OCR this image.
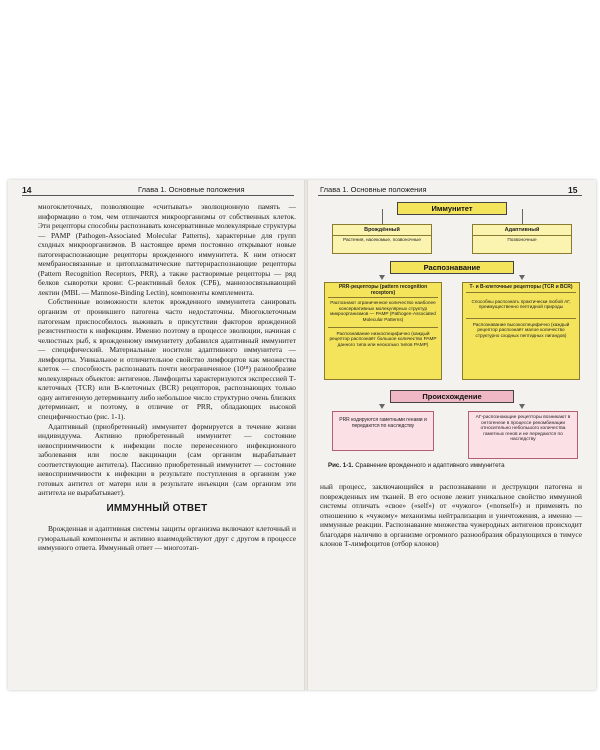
14	Глава 1. Основные положения

многоклеточных, позволяющие «считывать» эволюционную память — информацию о том, чем отличаются микроорганизмы от собственных клеток. Эти рецепторы способны распознавать консервативные молекулярные структуры — PAMP (Pathogen-Associated Molecular Patterns), характерные для групп сходных микроорганизмов. В настоящее время постоянно открывают новые патогенраспознающие рецепторы врожденного иммунитета. К ним относят мембраносвязанные и цитоплазматические паттернраспознающие рецепторы (Pattern Recognition Receptors, PRR), а также растворимые рецепторы — ряд белков сыворотки крови: С-реактивный белок (СРБ), маннозосвязывающий лектин (MBL — Mannose-Binding Lectin), компоненты комплемента.

Собственные возможности клеток врожденного иммунитета санировать организм от проникшего патогена часто недостаточны. Многоклеточным патогенам приспособилось выживать в присутствии факторов врожденной резистентности к инфекциям. Именно поэтому в процессе эволюции, начиная с челюстных рыб, к врожденному иммунитету добавился адаптивный иммунитет — специфический. Материальные носители адаптивного иммунитета — лимфоциты. Уникальное и отличительное свойство лимфоцитов как множества клеток — способность распознавать почти неограниченное (10¹⁸) разнообразие молекулярных объектов: антигенов. Лимфоциты характеризуются экспрессией Т-клеточных (TCR) или В-клеточных (BCR) рецепторов, распознающих только одну антигенную детерминанту либо небольшое число структурно очень близких детерминант, и поэтому, в отличие от PRR, обладающих высокой специфичностью (рис. 1-1).

Адаптивный (приобретенный) иммунитет формируется в течение жизни индивидуума. Активно приобретенный иммунитет — состояние невосприимчивости к инфекции после перенесенного инфекционного заболевания или после вакцинации (сам организм вырабатывает соответствующие антитела). Пассивно приобретенный иммунитет — состояние невосприимчивости к инфекции в результате поступления в организм уже готовых антител от матери или в результате инъекции (сам организм эти антитела не вырабатывает).

ИММУННЫЙ ОТВЕТ
Врожденная и адаптивная системы защиты организма включают клеточный и гуморальный компоненты и активно взаимодействуют друг с другом в процессе иммунного ответа. Иммунный ответ — многоэтап-
Глава 1. Основные положения	15
Иммунитет
Врождённый
Растения, насекомые, позвоночные
Адаптивный
Позвоночные
Распознавание
PRR-рецепторы (pattern recognition receptors)
Распознают ограниченное количество наиболее консервативных молекулярных структур микроорганизмов — PAMP (Pathogen-Associated Molecular Patterns)
Распознавание низкоспецифично (каждый рецептор распознаёт большое количество PAMP данного типа или несколько типов PAMP)
Т- и В-клеточные рецепторы (TCR и BCR)
Способны распознать практически любой АГ, преимущественно пептидной природы
Распознавание высокоспецифично (каждый рецептор распознаёт малое количество структурно сходных пептидных лигандов)
Происхождение
PRR кодируются гаметными генами и передаются по наследству
АГ-распознающие рецепторы возникают в онтогенезе в процессе рекомбинации относительно небольшого количества гаметных генов и не передаются по наследству
Рис. 1-1. Сравнение врожденного и адаптивного иммунитета
ный процесс, заключающийся в распознавании и деструкции патогена и поврежденных им тканей. В его основе лежит уникальное свойство иммунной системы отличать «свое» («self») от «чужого» («nonself») и применять по отношению к «чужому» механизмы нейтрализации и уничтожения, а именно — иммунные реакции. Распознавание множества чужеродных антигенов происходит благодаря наличию в организме огромного разнообразия образующихся в тимусе клонов Т-лимфоцитов (отбор клонов)
